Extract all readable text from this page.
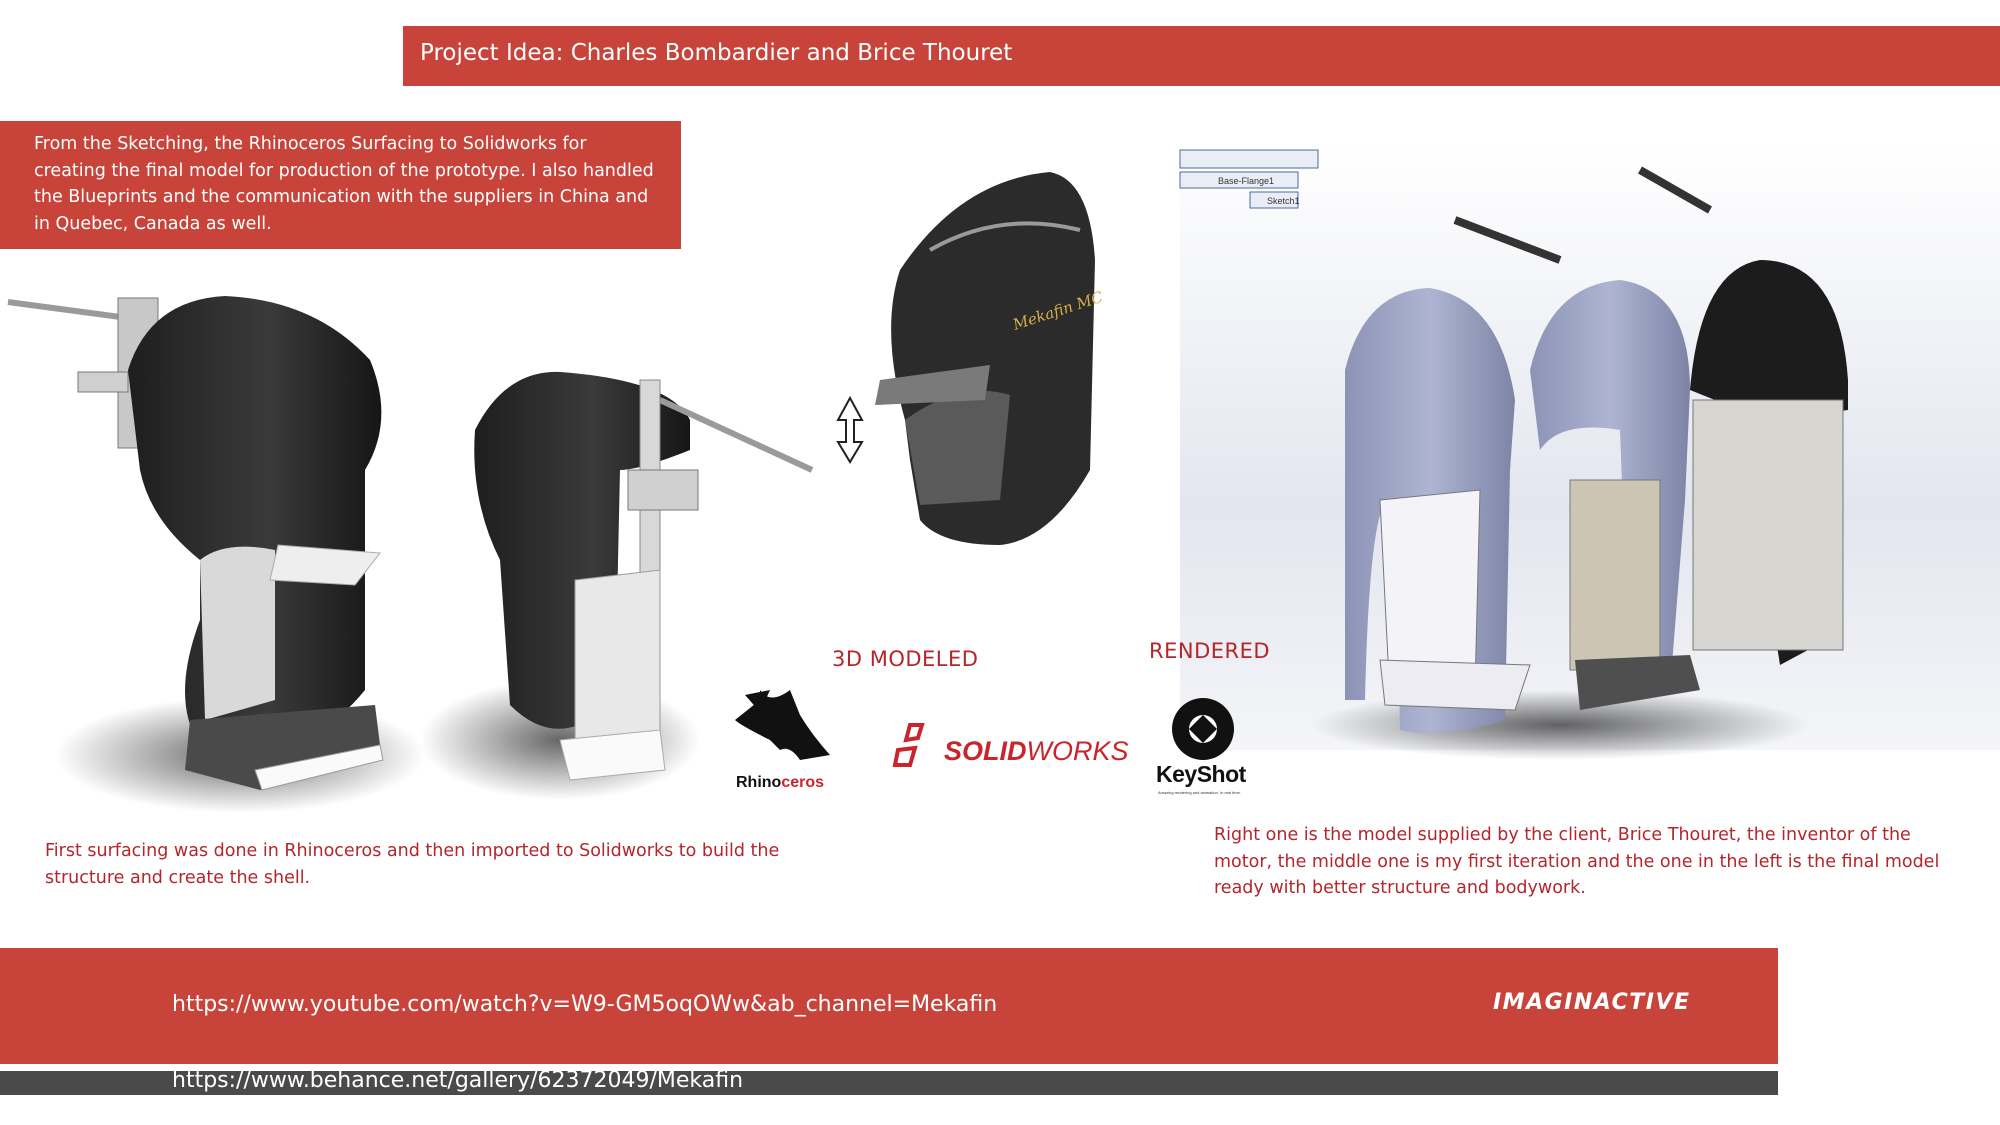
Mekafin MC
Base-Flange1
Sketch1
Project Idea: Charles Bombardier and Brice Thouret
From the Sketching, the Rhinoceros Surfacing to Solidworks for creating the final model for production of the prototype. I also handled the Blueprints and the communication with the suppliers in China and in Quebec, Canada as well.
3D MODELED	RENDERED
Rhinoceros
SOLIDWORKS
KeyShot
Amazing rendering and animation. In real time.
First surfacing was done in Rhinoceros and then imported to Solidworks to build the structure and create the shell.
Right one is the model supplied by the client, Brice Thouret, the inventor of the motor, the middle one is my first iteration and the one in the left is the final model ready with better structure and bodywork.
https://www.youtube.com/watch?v=W9-GM5oqOWw&ab_channel=Mekafin
https://www.behance.net/gallery/62372049/Mekafin
IMAGINACTIVE
